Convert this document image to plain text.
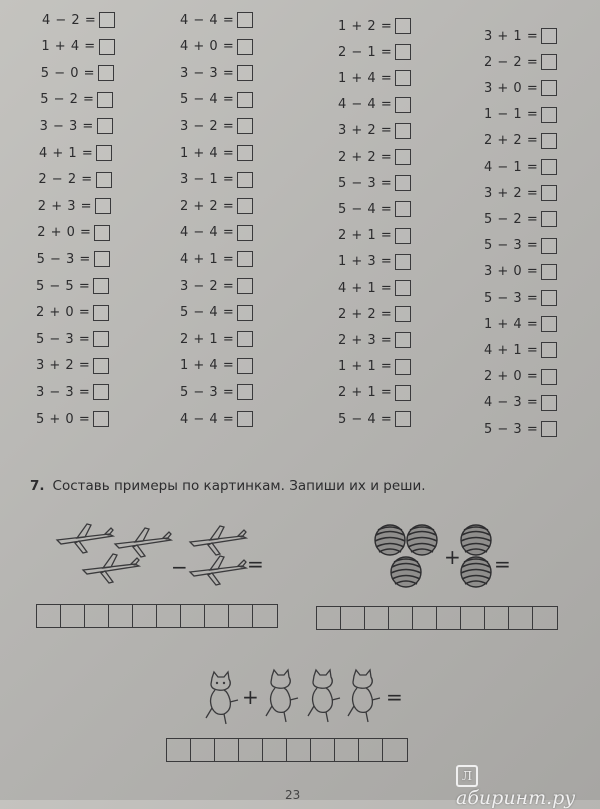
4 − 2 =
1 + 4 =
5 − 0 =
5 − 2 =
3 − 3 =
4 + 1 =
2 − 2 =
2 + 3 =
2 + 0 =
5 − 3 =
5 − 5 =
2 + 0 =
5 − 3 =
3 + 2 =
3 − 3 =
5 + 0 =
4 − 4 =
4 + 0 =
3 − 3 =
5 − 4 =
3 − 2 =
1 + 4 =
3 − 1 =
2 + 2 =
4 − 4 =
4 + 1 =
3 − 2 =
5 − 4 =
2 + 1 =
1 + 4 =
5 − 3 =
4 − 4 =
1 + 2 =
2 − 1 =
1 + 4 =
4 − 4 =
3 + 2 =
2 + 2 =
5 − 3 =
5 − 4 =
2 + 1 =
1 + 3 =
4 + 1 =
2 + 2 =
2 + 3 =
1 + 1 =
2 + 1 =
5 − 4 =
3 + 1 =
2 − 2 =
3 + 0 =
1 − 1 =
2 + 2 =
4 − 1 =
3 + 2 =
5 − 2 =
5 − 3 =
3 + 0 =
5 − 3 =
1 + 4 =
4 + 1 =
2 + 0 =
4 − 3 =
5 − 3 =
7. Составь примеры по картинкам. Запиши их и реши.
−	=	+ =
+	=
Лабиринт.ру
23
